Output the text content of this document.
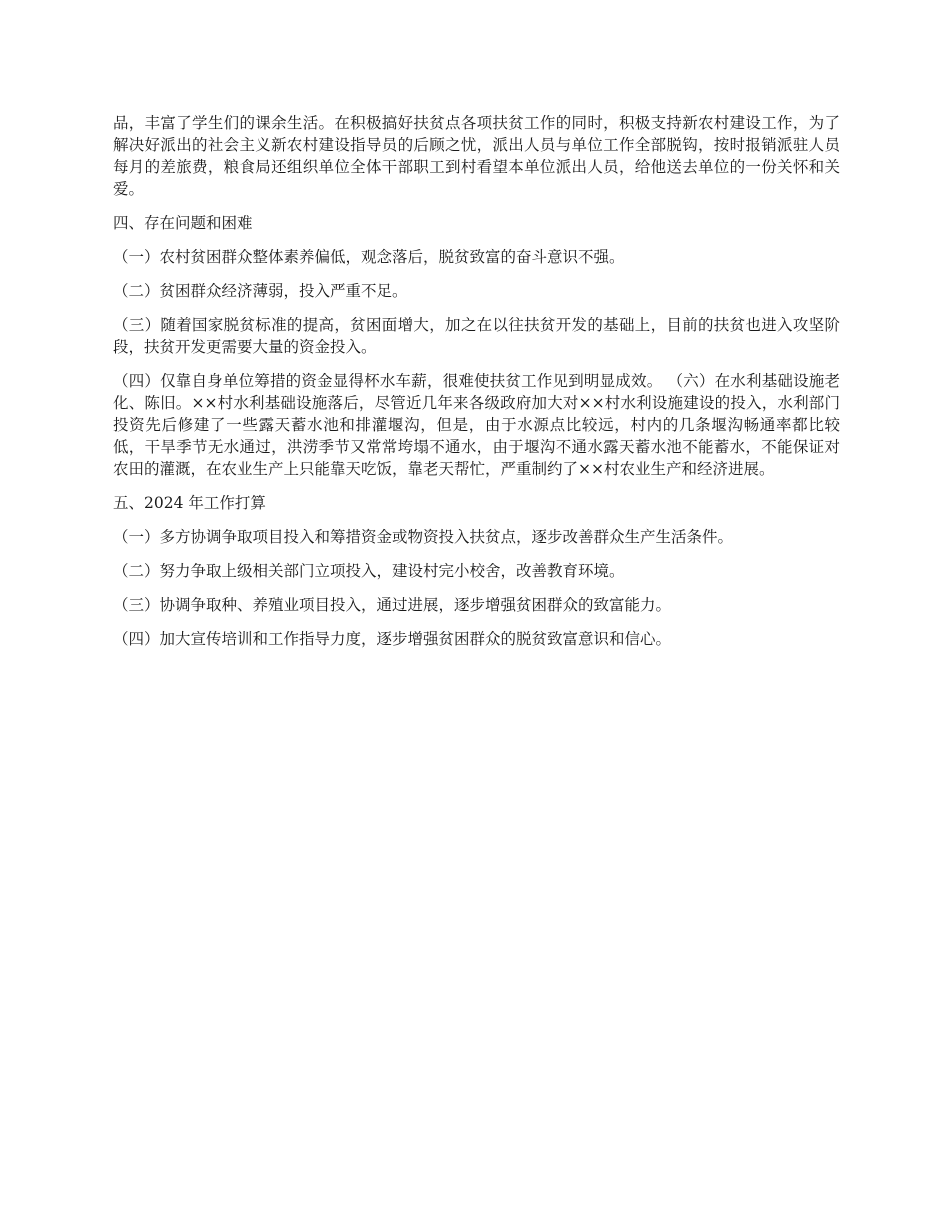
品，丰富了学生们的课余生活。在积极搞好扶贫点各项扶贫工作的同时，积极支持新农村建设工作，为了解决好派出的社会主义新农村建设指导员的后顾之忧，派出人员与单位工作全部脱钩，按时报销派驻人员每月的差旅费，粮食局还组织单位全体干部职工到村看望本单位派出人员，给他送去单位的一份关怀和关爱。

四、存在问题和困难

（一）农村贫困群众整体素养偏低，观念落后，脱贫致富的奋斗意识不强。

（二）贫困群众经济薄弱，投入严重不足。

（三）随着国家脱贫标准的提高，贫困面增大，加之在以往扶贫开发的基础上，目前的扶贫也进入攻坚阶段，扶贫开发更需要大量的资金投入。

（四）仅靠自身单位筹措的资金显得杯水车薪，很难使扶贫工作见到明显成效。 （六）在水利基础设施老化、陈旧。××村水利基础设施落后，尽管近几年来各级政府加大对××村水利设施建设的投入，水利部门投资先后修建了一些露天蓄水池和排灌堰沟，但是，由于水源点比较远，村内的几条堰沟畅通率都比较低，干旱季节无水通过，洪涝季节又常常垮塌不通水，由于堰沟不通水露天蓄水池不能蓄水，不能保证对农田的灌溉，在农业生产上只能靠天吃饭，靠老天帮忙，严重制约了××村农业生产和经济进展。

五、2024 年工作打算

（一）多方协调争取项目投入和筹措资金或物资投入扶贫点，逐步改善群众生产生活条件。

（二）努力争取上级相关部门立项投入，建设村完小校舍，改善教育环境。

（三）协调争取种、养殖业项目投入，通过进展，逐步增强贫困群众的致富能力。

（四）加大宣传培训和工作指导力度，逐步增强贫困群众的脱贫致富意识和信心。
